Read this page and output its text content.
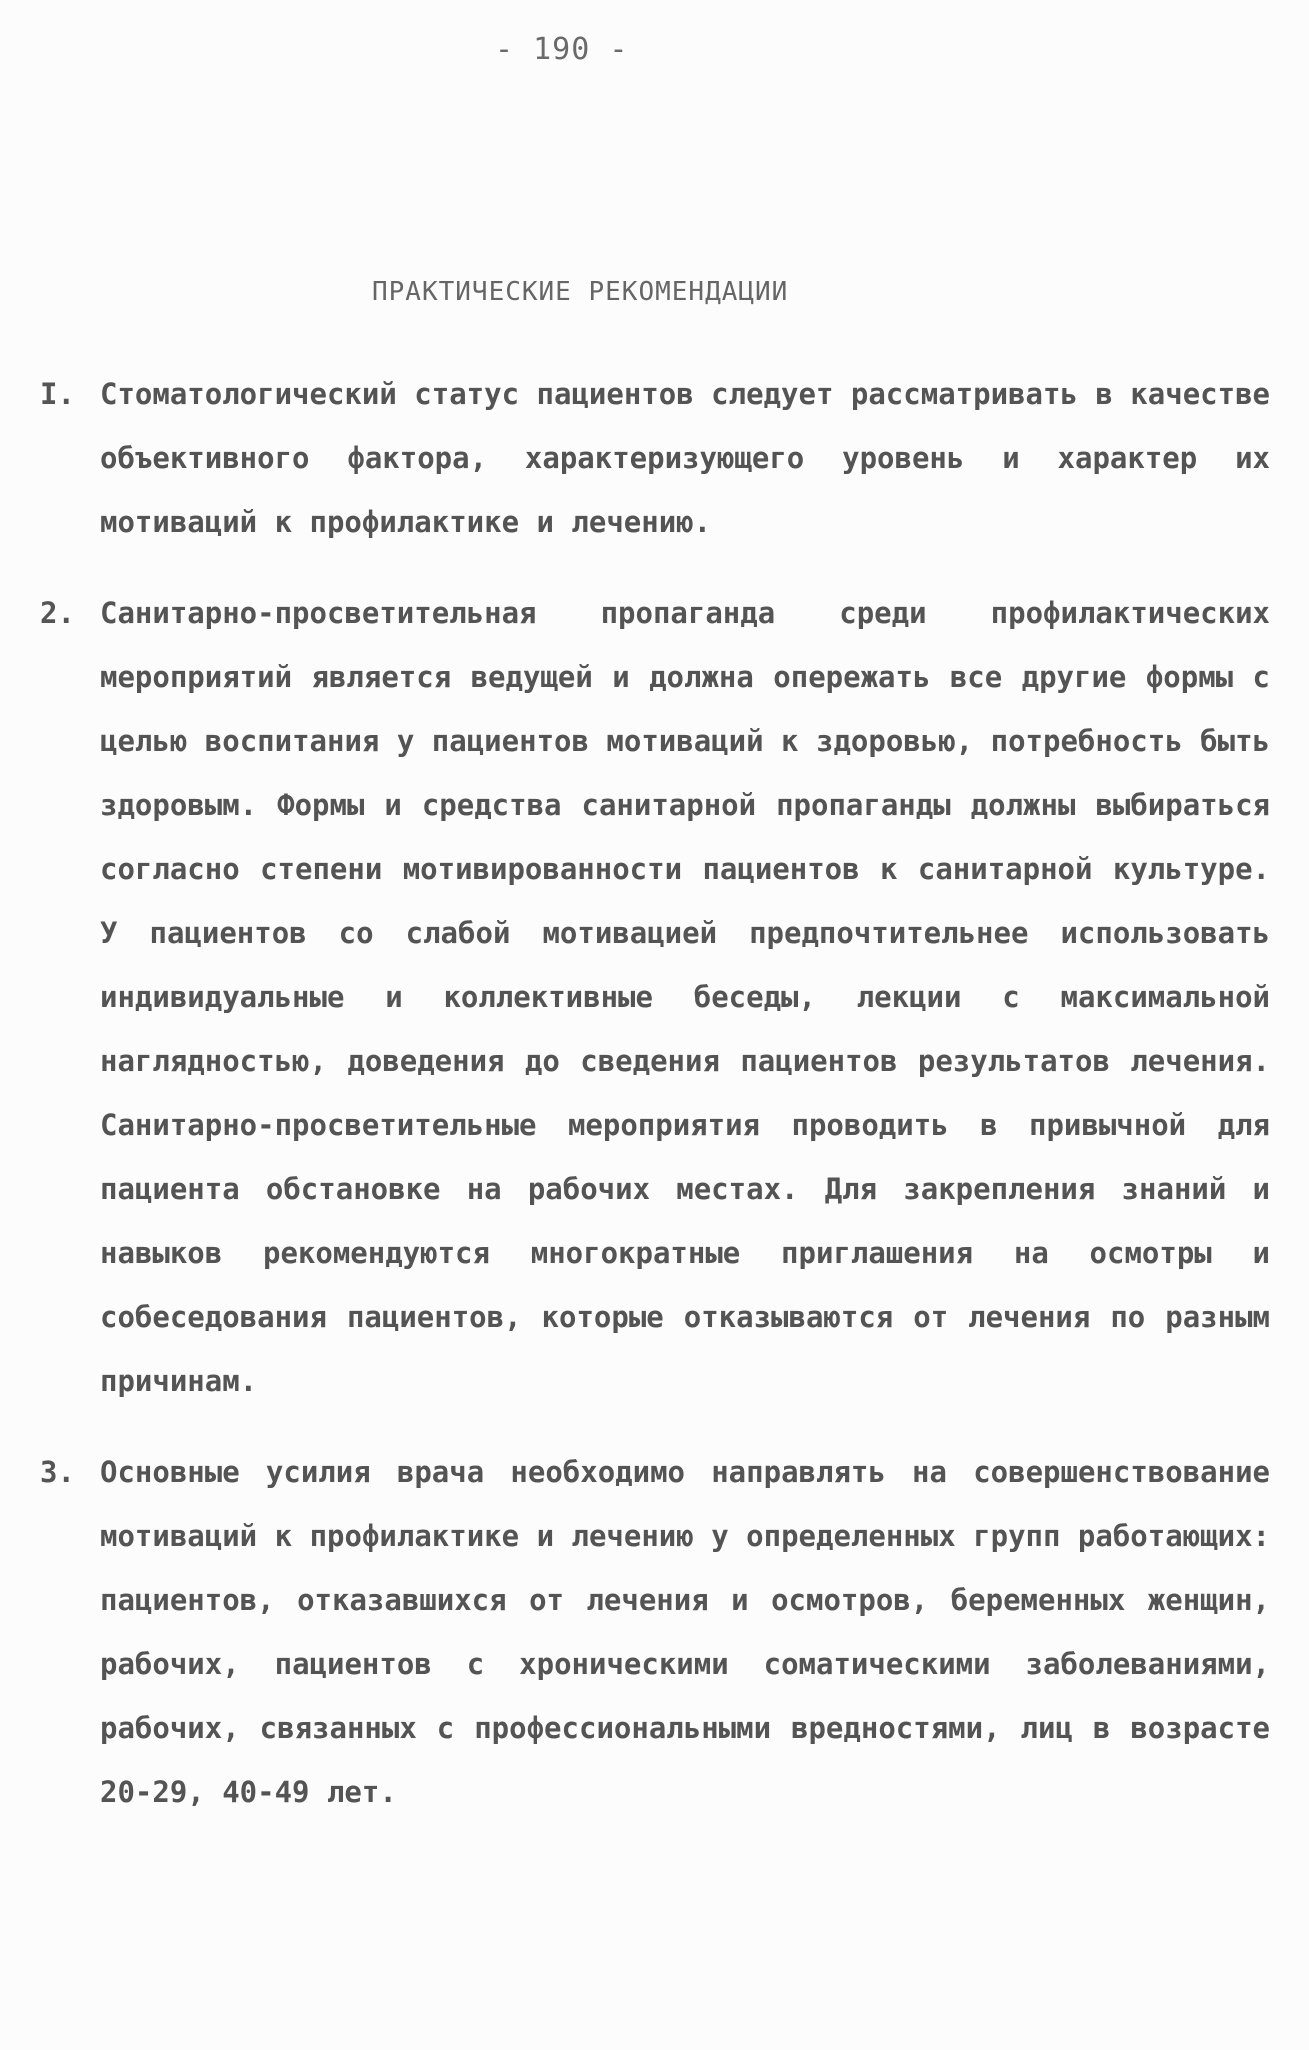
- 190 -
ПРАКТИЧЕСКИЕ РЕКОМЕНДАЦИИ
I. Стоматологический статус пациентов следует рассматривать в качестве объективного фактора, характеризующего уровень и характер их мотиваций к профилактике и лечению.
2. Санитарно-просветительная пропаганда среди профилактических мероприятий является ведущей и должна опережать все другие формы с целью воспитания у пациентов мотиваций к здоровью, потребность быть здоровым. Формы и средства санитарной пропаганды должны выбираться согласно степени мотивированности пациентов к санитарной культуре. У пациентов со слабой мотивацией предпочтительнее использовать индивидуальные и коллективные беседы, лекции с максимальной наглядностью, доведения до сведения пациентов результатов лечения. Санитарно-просветительные мероприятия проводить в привычной для пациента обстановке на рабочих местах. Для закрепления знаний и навыков рекомендуются многократные приглашения на осмотры и собеседования пациентов, которые отказываются от лечения по разным причинам.
3. Основные усилия врача необходимо направлять на совершенствование мотиваций к профилактике и лечению у определенных групп работающих: пациентов, отказавшихся от лечения и осмотров, беременных женщин, рабочих, пациентов с хроническими соматическими заболеваниями, рабочих, связанных с профессиональными вредностями, лиц в возрасте 20-29, 40-49 лет.
